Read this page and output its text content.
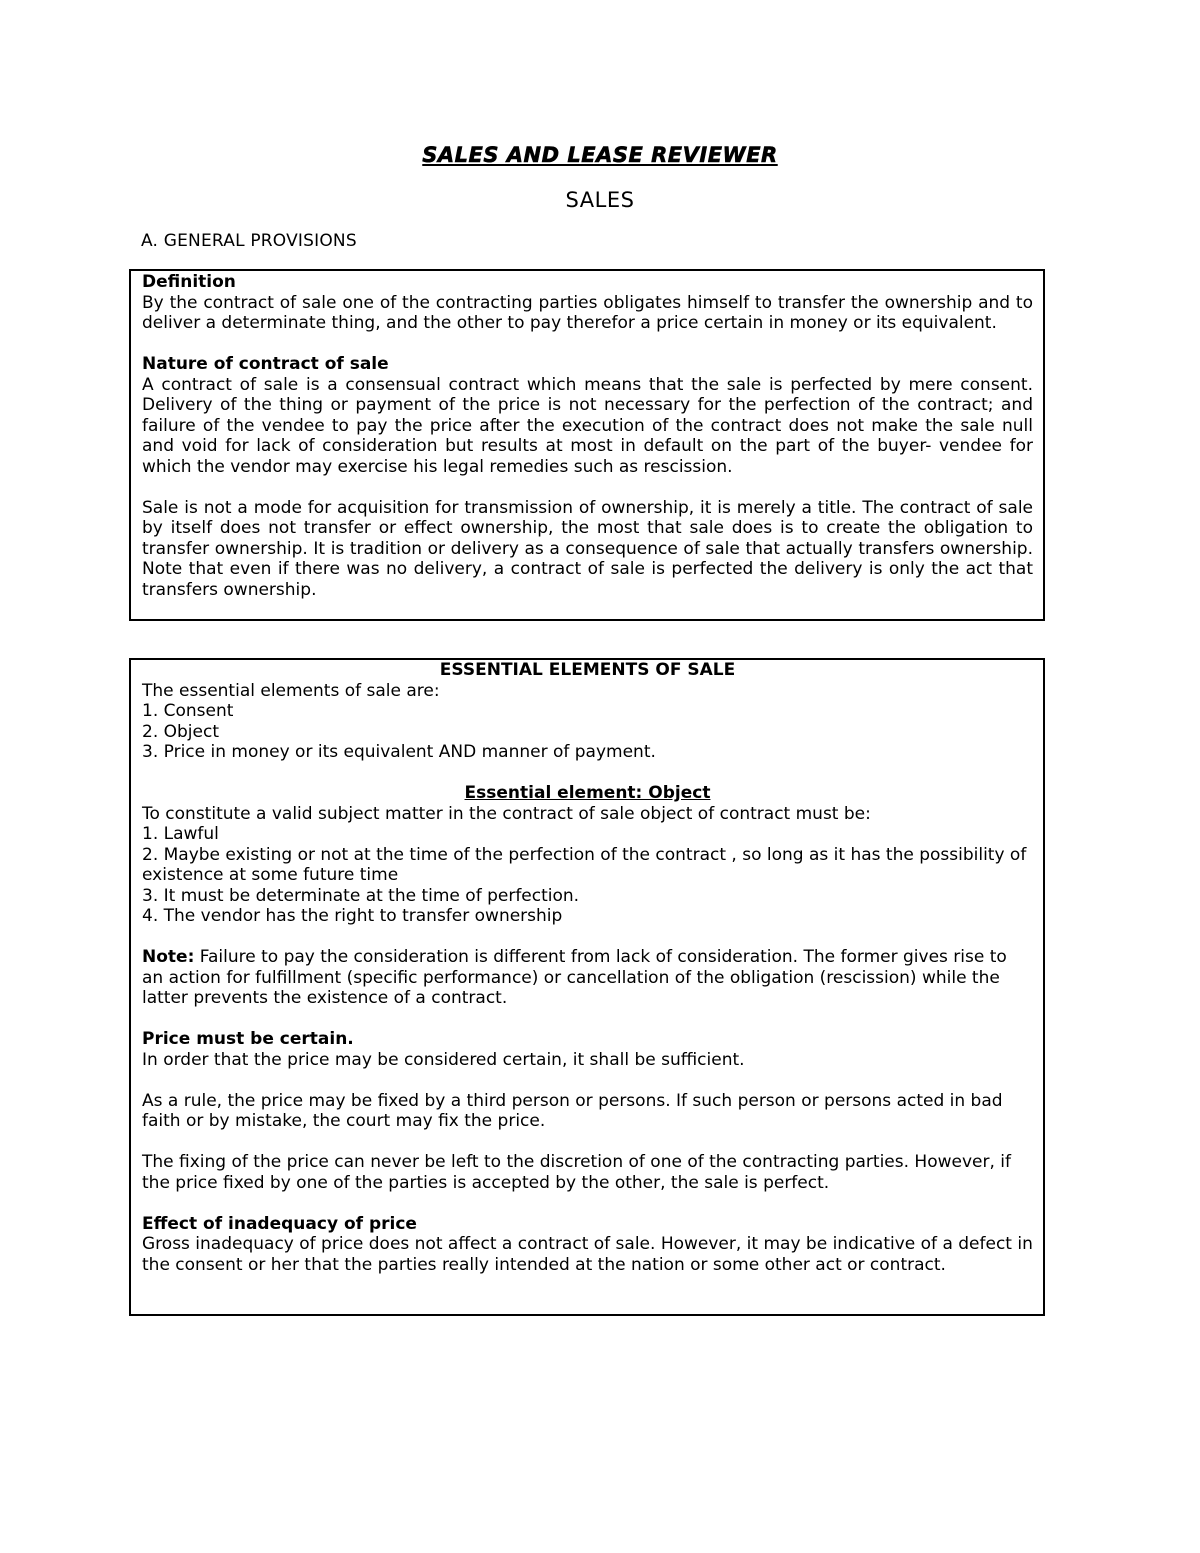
SALES AND LEASE REVIEWER
SALES
A. GENERAL PROVISIONS

Definition

By the contract of sale one of the contracting parties obligates himself to transfer the ownership and to deliver a determinate thing, and the other to pay therefor a price certain in money or its equivalent.

Nature of contract of sale

A contract of sale is a consensual contract which means that the sale is perfected by mere consent. Delivery of the thing or payment of the price is not necessary for the perfection of the contract; and failure of the vendee to pay the price after the execution of the contract does not make the sale null and void for lack of consideration but results at most in default on the part of the buyer- vendee for which the vendor may exercise his legal remedies such as rescission.

Sale is not a mode for acquisition for transmission of ownership, it is merely a title. The contract of sale by itself does not transfer or effect ownership, the most that sale does is to create the obligation to transfer ownership. It is tradition or delivery as a consequence of sale that actually transfers ownership. Note that even if there was no delivery, a contract of sale is perfected the delivery is only the act that transfers ownership.

ESSENTIAL ELEMENTS OF SALE

The essential elements of sale are:

1. Consent

2. Object

3. Price in money or its equivalent AND manner of payment.

Essential element: Object

To constitute a valid subject matter in the contract of sale object of contract must be:

1. Lawful

2. Maybe existing or not at the time of the perfection of the contract , so long as it has the possibility of existence at some future time

3. It must be determinate at the time of perfection.

4. The vendor has the right to transfer ownership

Note: Failure to pay the consideration is different from lack of consideration. The former gives rise to an action for fulfillment (specific performance) or cancellation of the obligation (rescission) while the latter prevents the existence of a contract.

Price must be certain.

In order that the price may be considered certain, it shall be sufficient.

As a rule, the price may be fixed by a third person or persons. If such person or persons acted in bad faith or by mistake, the court may fix the price.

The fixing of the price can never be left to the discretion of one of the contracting parties. However, if the price fixed by one of the parties is accepted by the other, the sale is perfect.

Effect of inadequacy of price

Gross inadequacy of price does not affect a contract of sale. However, it may be indicative of a defect in the consent or her that the parties really intended at the nation or some other act or contract.
